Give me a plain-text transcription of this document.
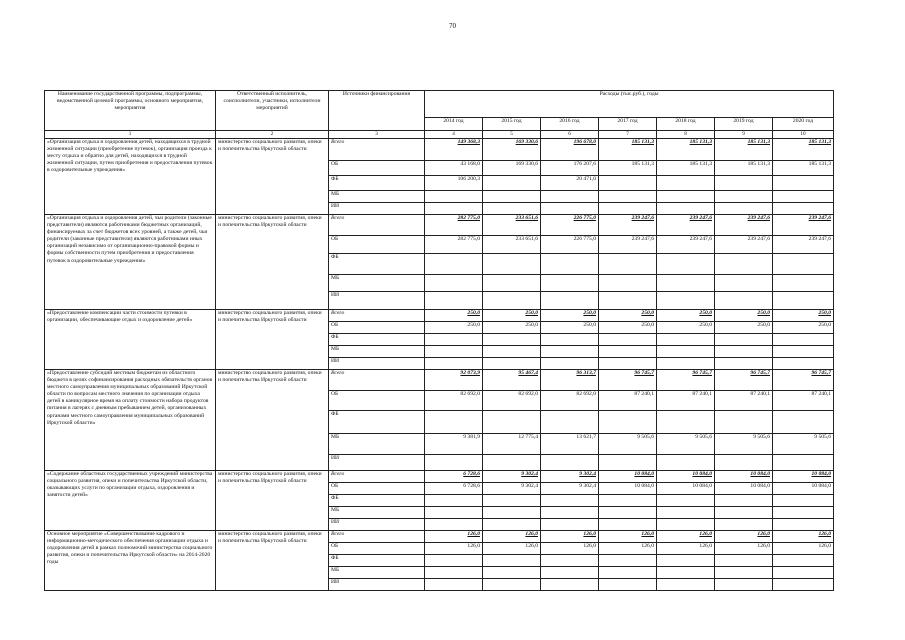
70
Наименование государственной программы, подпрограммы, ведомственной целевой программы, основного мероприятия, мероприятия	Ответственный исполнитель, соисполнители, участники, исполнители мероприятий	Источники финансирования	Расходы (тыс.руб.), годы						
			2014 год	2015 год	2016 год	2017 год	2018 год	2019 год	2020 год
1	2	3	4	5	6	7	8	9	10
«Организация отдыха и оздоровления детей, находящихся в трудной жизненной ситуации (приобретение путевок), организация проезда к месту отдыха и обратно для детей, находящихся в трудной жизненной ситуации, путем приобретения и предоставления путевок в оздоровительные учреждения»	министерство социального развития, опеки и попечительства Иркутской области	Всего	149 368,3	169 330,6	196 678,0	185 131,3	185 131,3	185 131,3	185 131,3
		ОБ	43 168,0	169 330,6	176 207,6	185 131,3	185 131,3	185 131,3	185 131,3
		ФБ	106 200,3		20 471,0				
		МБ							
		ИИ							
«Организация отдыха и оздоровления детей, чьи родители (законные представители) являются работниками бюджетных организаций, финансируемых за счет бюджетов всех уровней, а также детей, чьи родители (законные представители) являются работниками иных организаций независимо от организационно-правовой формы и формы собственности путем приобретения и предоставления путевок в оздоровительные учреждения»	министерство социального развития, опеки и попечительства Иркутской области	Всего	282 775,0	233 651,6	226 775,0	239 247,6	239 247,6	239 247,6	239 247,6
		ОБ	282 775,0	233 651,6	226 775,0	239 247,6	239 247,6	239 247,6	239 247,6
		ФБ							
		МБ							
		ИИ							
«Предоставление компенсации части стоимости путевки в организации, обеспечивающие отдых и оздоровление детей»	министерство социального развития, опеки и попечительства Иркутской области	Всего	250,0	250,0	250,0	250,0	250,0	250,0	250,0
		ОБ	250,0	250,0	250,0	250,0	250,0	250,0	250,0
		ФБ							
		МБ							
		ИИ							
«Предоставление субсидий местным бюджетам из областного бюджета в целях софинансирования расходных обязательств органов местного самоуправления муниципальных образований Иркутской области по вопросам местного значения по организации отдыха детей в каникулярное время на оплату стоимости набора продуктов питания в лагерях с дневным пребыванием детей, организованных органами местного самоуправления муниципальных образований Иркутской области»	министерство социального развития, опеки и попечительства Иркутской области	Всего	92 073,9	95 467,4	96 313,7	96 745,7	96 745,7	96 745,7	96 745,7
		ОБ	82 692,0	82 692,0	82 692,0	87 240,1	87 240,1	87 240,1	87 240,1
		ФБ							
		МБ	9 381,9	12 775,4	13 621,7	9 505,6	9 505,6	9 505,6	9 505,6
		ИИ							
«Содержание областных государственных учреждений министерства социального развития, опеки и попечительства Иркутской области, оказывающих услуги по организации отдыха, оздоровления и занятости детей»	министерство социального развития, опеки и попечительства Иркутской области	Всего	6 728,6	9 302,4	9 302,4	10 084,0	10 084,0	10 084,0	10 084,0
		ОБ	6 728,6	9 302,4	9 302,4	10 084,0	10 084,0	10 084,0	10 084,0
		ФБ							
		МБ							
		ИИ							
Основное мероприятие «Совершенствование кадрового и информационно-методического обеспечения организации отдыха и оздоровления детей в рамках полномочий министерства социального развития, опеки и попечительства Иркутской области» на 2014-2020 годы	министерство социального развития, опеки и попечительства Иркутской области	Всего	126,0	126,0	126,0	126,0	126,0	126,0	126,0
		ОБ	126,0	126,0	126,0	126,0	126,0	126,0	126,0
		ФБ							
		МБ							
		ИИ							
